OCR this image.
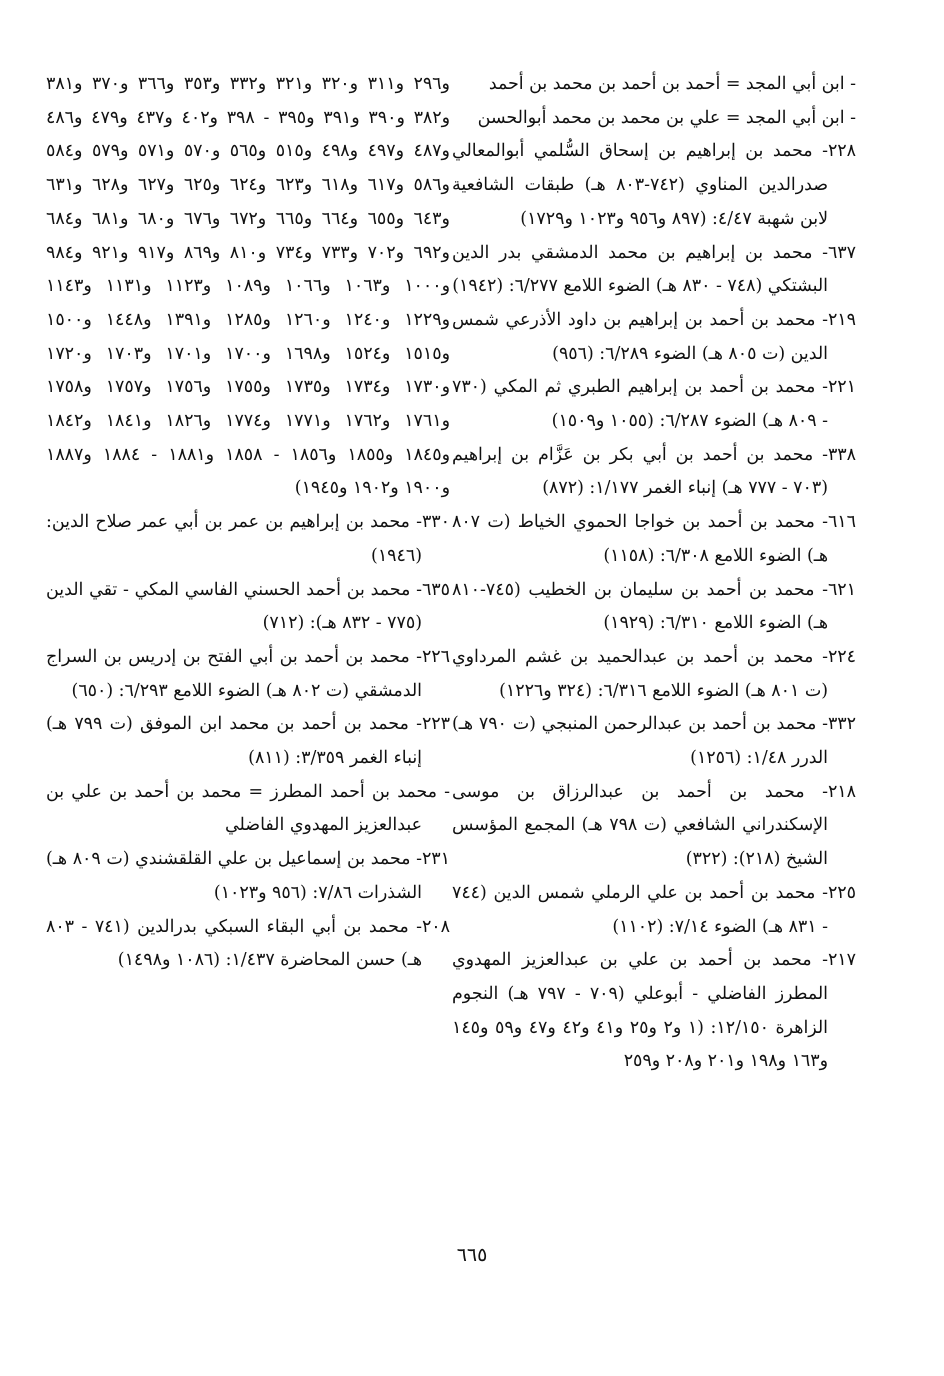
- ابن أبي المجد = أحمد بن أحمد بن محمد بن أحمد

- ابن أبي المجد = علي بن محمد بن محمد أبوالحسن

٢٢٨- محمد بن إبراهيم بن إسحاق السُّلمي أبوالمعالي صدرالدين المناوي (٧٤٢-٨٠٣ هـ) طبقات الشافعية لابن شهبة ٤/٤٧: (٨٩٧ و٩٥٦ و١٠٢٣ و١٧٢٩)

٦٣٧- محمد بن إبراهيم بن محمد الدمشقي بدر الدين البشتكي (٧٤٨ - ٨٣٠ هـ) الضوء اللامع ٦/٢٧٧: (١٩٤٢)

٢١٩- محمد بن أحمد بن إبراهيم بن داود الأذرعي شمس الدين (ت ٨٠٥ هـ) الضوء ٦/٢٨٩: (٩٥٦)

٢٢١- محمد بن أحمد بن إبراهيم الطبري ثم المكي (٧٣٠ - ٨٠٩ هـ) الضوء ٦/٢٨٧: (١٠٥٥ و١٥٠٩)

٣٣٨- محمد بن أحمد بن أبي بكر بن عَزَّام بن إبراهيم (٧٠٣ - ٧٧٧ هـ) إنباء الغمر ١/١٧٧: (٨٧٢)

٦١٦- محمد بن أحمد بن خواجا الحموي الخياط (ت ٨٠٧ هـ) الضوء اللامع ٦/٣٠٨: (١١٥٨)

٦٢١- محمد بن أحمد بن سليمان بن الخطيب (٧٤٥-٨١٠ هـ) الضوء اللامع ٦/٣١٠: (١٩٢٩)

٢٢٤- محمد بن أحمد بن عبدالحميد بن غشم المرداوي (ت ٨٠١ هـ) الضوء اللامع ٦/٣١٦: (٣٢٤ و١٢٢٦)

٣٣٢- محمد بن أحمد بن عبدالرحمن المنبجي (ت ٧٩٠ هـ) الدرر ١/٤٨: (١٢٥٦)

٢١٨- محمد بن أحمد بن عبدالرزاق بن موسى الإسكندراني الشافعي (ت ٧٩٨ هـ) المجمع المؤسس الشيخ (٢١٨): (٣٢٢)

٢٢٥- محمد بن أحمد بن علي الرملي شمس الدين (٧٤٤ - ٨٣١ هـ) الضوء ٧/١٤: (١١٠٢)

٢١٧- محمد بن أحمد بن علي بن عبدالعزيز المهدوي المطرز الفاضلي - أبوعلي (٧٠٩ - ٧٩٧ هـ) النجوم الزاهرة ١٢/١٥٠: (١ و٢ و٢٥ و٤١ و٤٢ و٤٧ و٥٩ و١٤٥ و١٦٣ و١٩٨ و٢٠١ و٢٠٨ و٢٥٩

و٢٩٦ و٣١١ و٣٢٠ و٣٢١ و٣٣٢ و٣٥٣ و٣٦٦ و٣٧٠ و٣٨١ و٣٨٢ و٣٩٠ و٣٩١ و٣٩٥ - ٣٩٨ و٤٠٢ و٤٣٧ و٤٧٩ و٤٨٦ و٤٨٧ و٤٩٧ و٤٩٨ و٥١٥ و٥٦٥ و٥٧٠ و٥٧١ و٥٧٩ و٥٨٤ و٥٨٦ و٦١٧ و٦١٨ و٦٢٣ و٦٢٤ و٦٢٥ و٦٢٧ و٦٢٨ و٦٣١ و٦٤٣ و٦٥٥ و٦٦٤ و٦٦٥ و٦٧٢ و٦٧٦ و٦٨٠ و٦٨١ و٦٨٤ و٦٩٢ و٧٠٢ و٧٣٣ و٧٣٤ و٨١٠ و٨٦٩ و٩١٧ و٩٢١ و٩٨٤ و١٠٠٠ و١٠٦٣ و١٠٦٦ و١٠٨٩ و١١٢٣ و١١٣١ و١١٤٣ و١٢٢٩ و١٢٤٠ و١٢٦٠ و١٢٨٥ و١٣٩١ و١٤٤٨ و١٥٠٠ و١٥١٥ و١٥٢٤ و١٦٩٨ و١٧٠٠ و١٧٠١ و١٧٠٣ و١٧٢٠ و١٧٣٠ و١٧٣٤ و١٧٣٥ و١٧٥٥ و١٧٥٦ و١٧٥٧ و١٧٥٨ و١٧٦١ و١٧٦٢ و١٧٧١ و١٧٧٤ و١٨٢٦ و١٨٤١ و١٨٤٢ و١٨٤٥ و١٨٥٥ و١٨٥٦ - ١٨٥٨ و١٨٨١ - ١٨٨٤ و١٨٨٧ و١٩٠٠ و١٩٠٢ و١٩٤٥)

٣٣٠- محمد بن إبراهيم بن عمر بن أبي عمر صلاح الدين: (١٩٤٦)

٦٣٥- محمد بن أحمد الحسني الفاسي المكي - تقي الدين (٧٧٥ - ٨٣٢ هـ): (٧١٢)

٢٢٦- محمد بن أحمد بن أبي الفتح بن إدريس بن السراج الدمشقي (ت ٨٠٢ هـ) الضوء اللامع ٦/٢٩٣: (٦٥٠)

٢٢٣- محمد بن أحمد بن محمد ابن الموفق (ت ٧٩٩ هـ) إنباء الغمر ٣/٣٥٩: (٨١١)

- محمد بن أحمد المطرز = محمد بن أحمد بن علي بن عبدالعزيز المهدوي الفاضلي

٢٣١- محمد بن إسماعيل بن علي القلقشندي (ت ٨٠٩ هـ) الشذرات ٧/٨٦: (٩٥٦ و١٠٢٣)

٢٠٨- محمد بن أبي البقاء السبكي بدرالدين (٧٤١ - ٨٠٣ هـ) حسن المحاضرة ١/٤٣٧: (١٠٨٦ و١٤٩٨)

٦٦٥
